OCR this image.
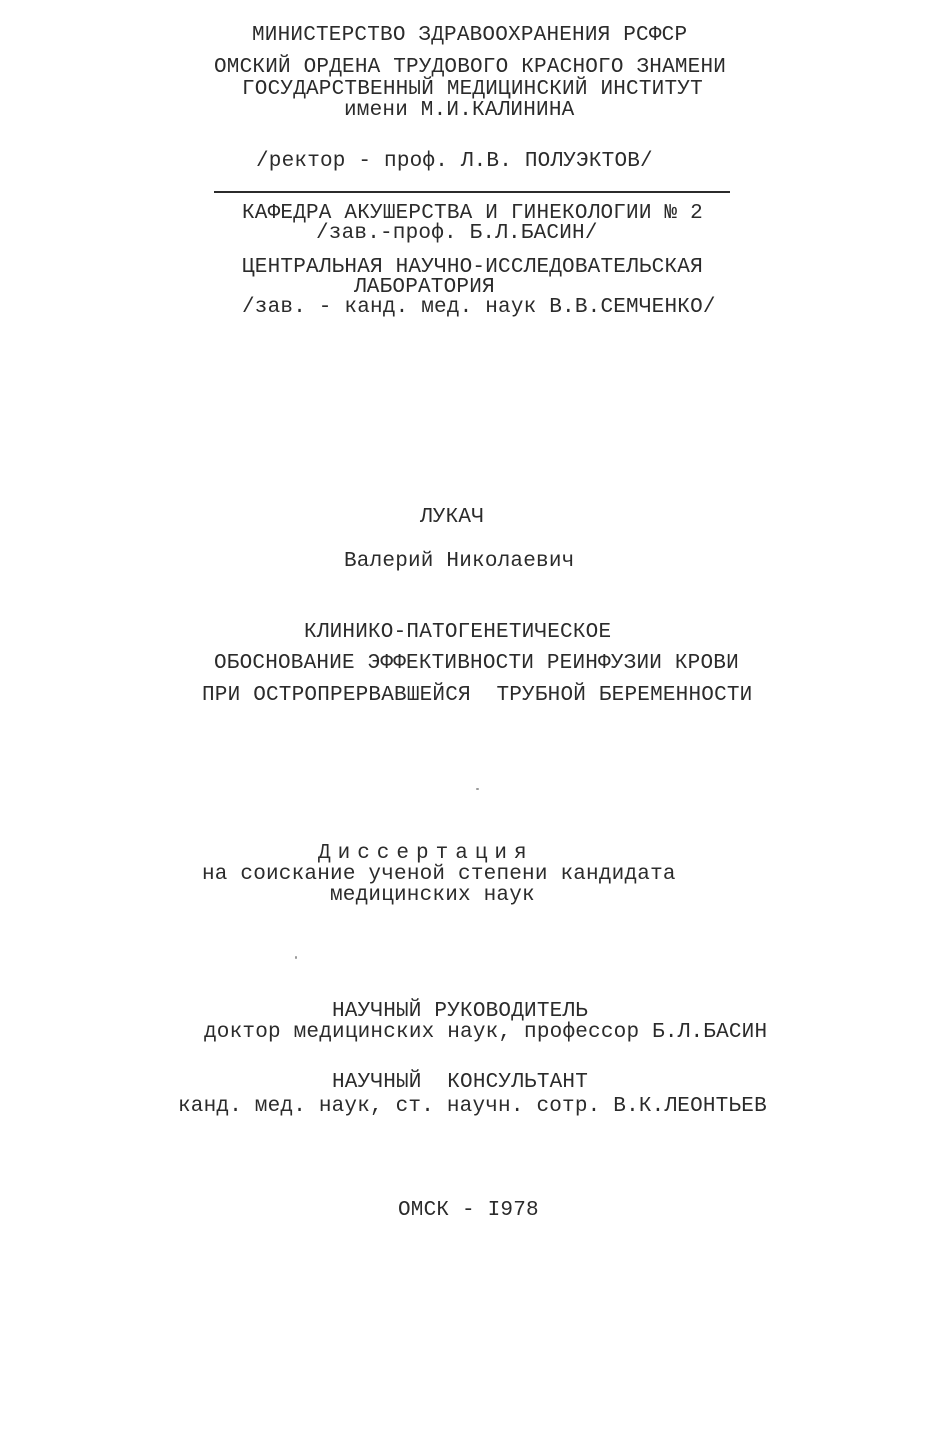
МИНИСТЕРСТВО ЗДРАВООХРАНЕНИЯ РСФСР
ОМСКИЙ ОРДЕНА ТРУДОВОГО КРАСНОГО ЗНАМЕНИ
ГОСУДАРСТВЕННЫЙ МЕДИЦИНСКИЙ ИНСТИТУТ
имени М.И.КАЛИНИНА
/ректор - проф. Л.В. ПОЛУЭКТОВ/
КАФЕДРА АКУШЕРСТВА И ГИНЕКОЛОГИИ № 2
/зав.-проф. Б.Л.БАСИН/
ЦЕНТРАЛЬНАЯ НАУЧНО-ИССЛЕДОВАТЕЛЬСКАЯ
ЛАБОРАТОРИЯ
/зав. - канд. мед. наук В.В.СЕМЧЕНКО/
ЛУКАЧ
Валерий Николаевич
КЛИНИКО-ПАТОГЕНЕТИЧЕСКОЕ
ОБОСНОВАНИЕ ЭФФЕКТИВНОСТИ РЕИНФУЗИИ КРОВИ
ПРИ ОСТРОПРЕРВАВШЕЙСЯ  ТРУБНОЙ БЕРЕМЕННОСТИ
Диссертация
на соискание ученой степени кандидата
медицинских наук
НАУЧНЫЙ РУКОВОДИТЕЛЬ
доктор медицинских наук, профессор Б.Л.БАСИН
НАУЧНЫЙ  КОНСУЛЬТАНТ
канд. мед. наук, ст. научн. сотр. В.К.ЛЕОНТЬЕВ
ОМСК - I978
